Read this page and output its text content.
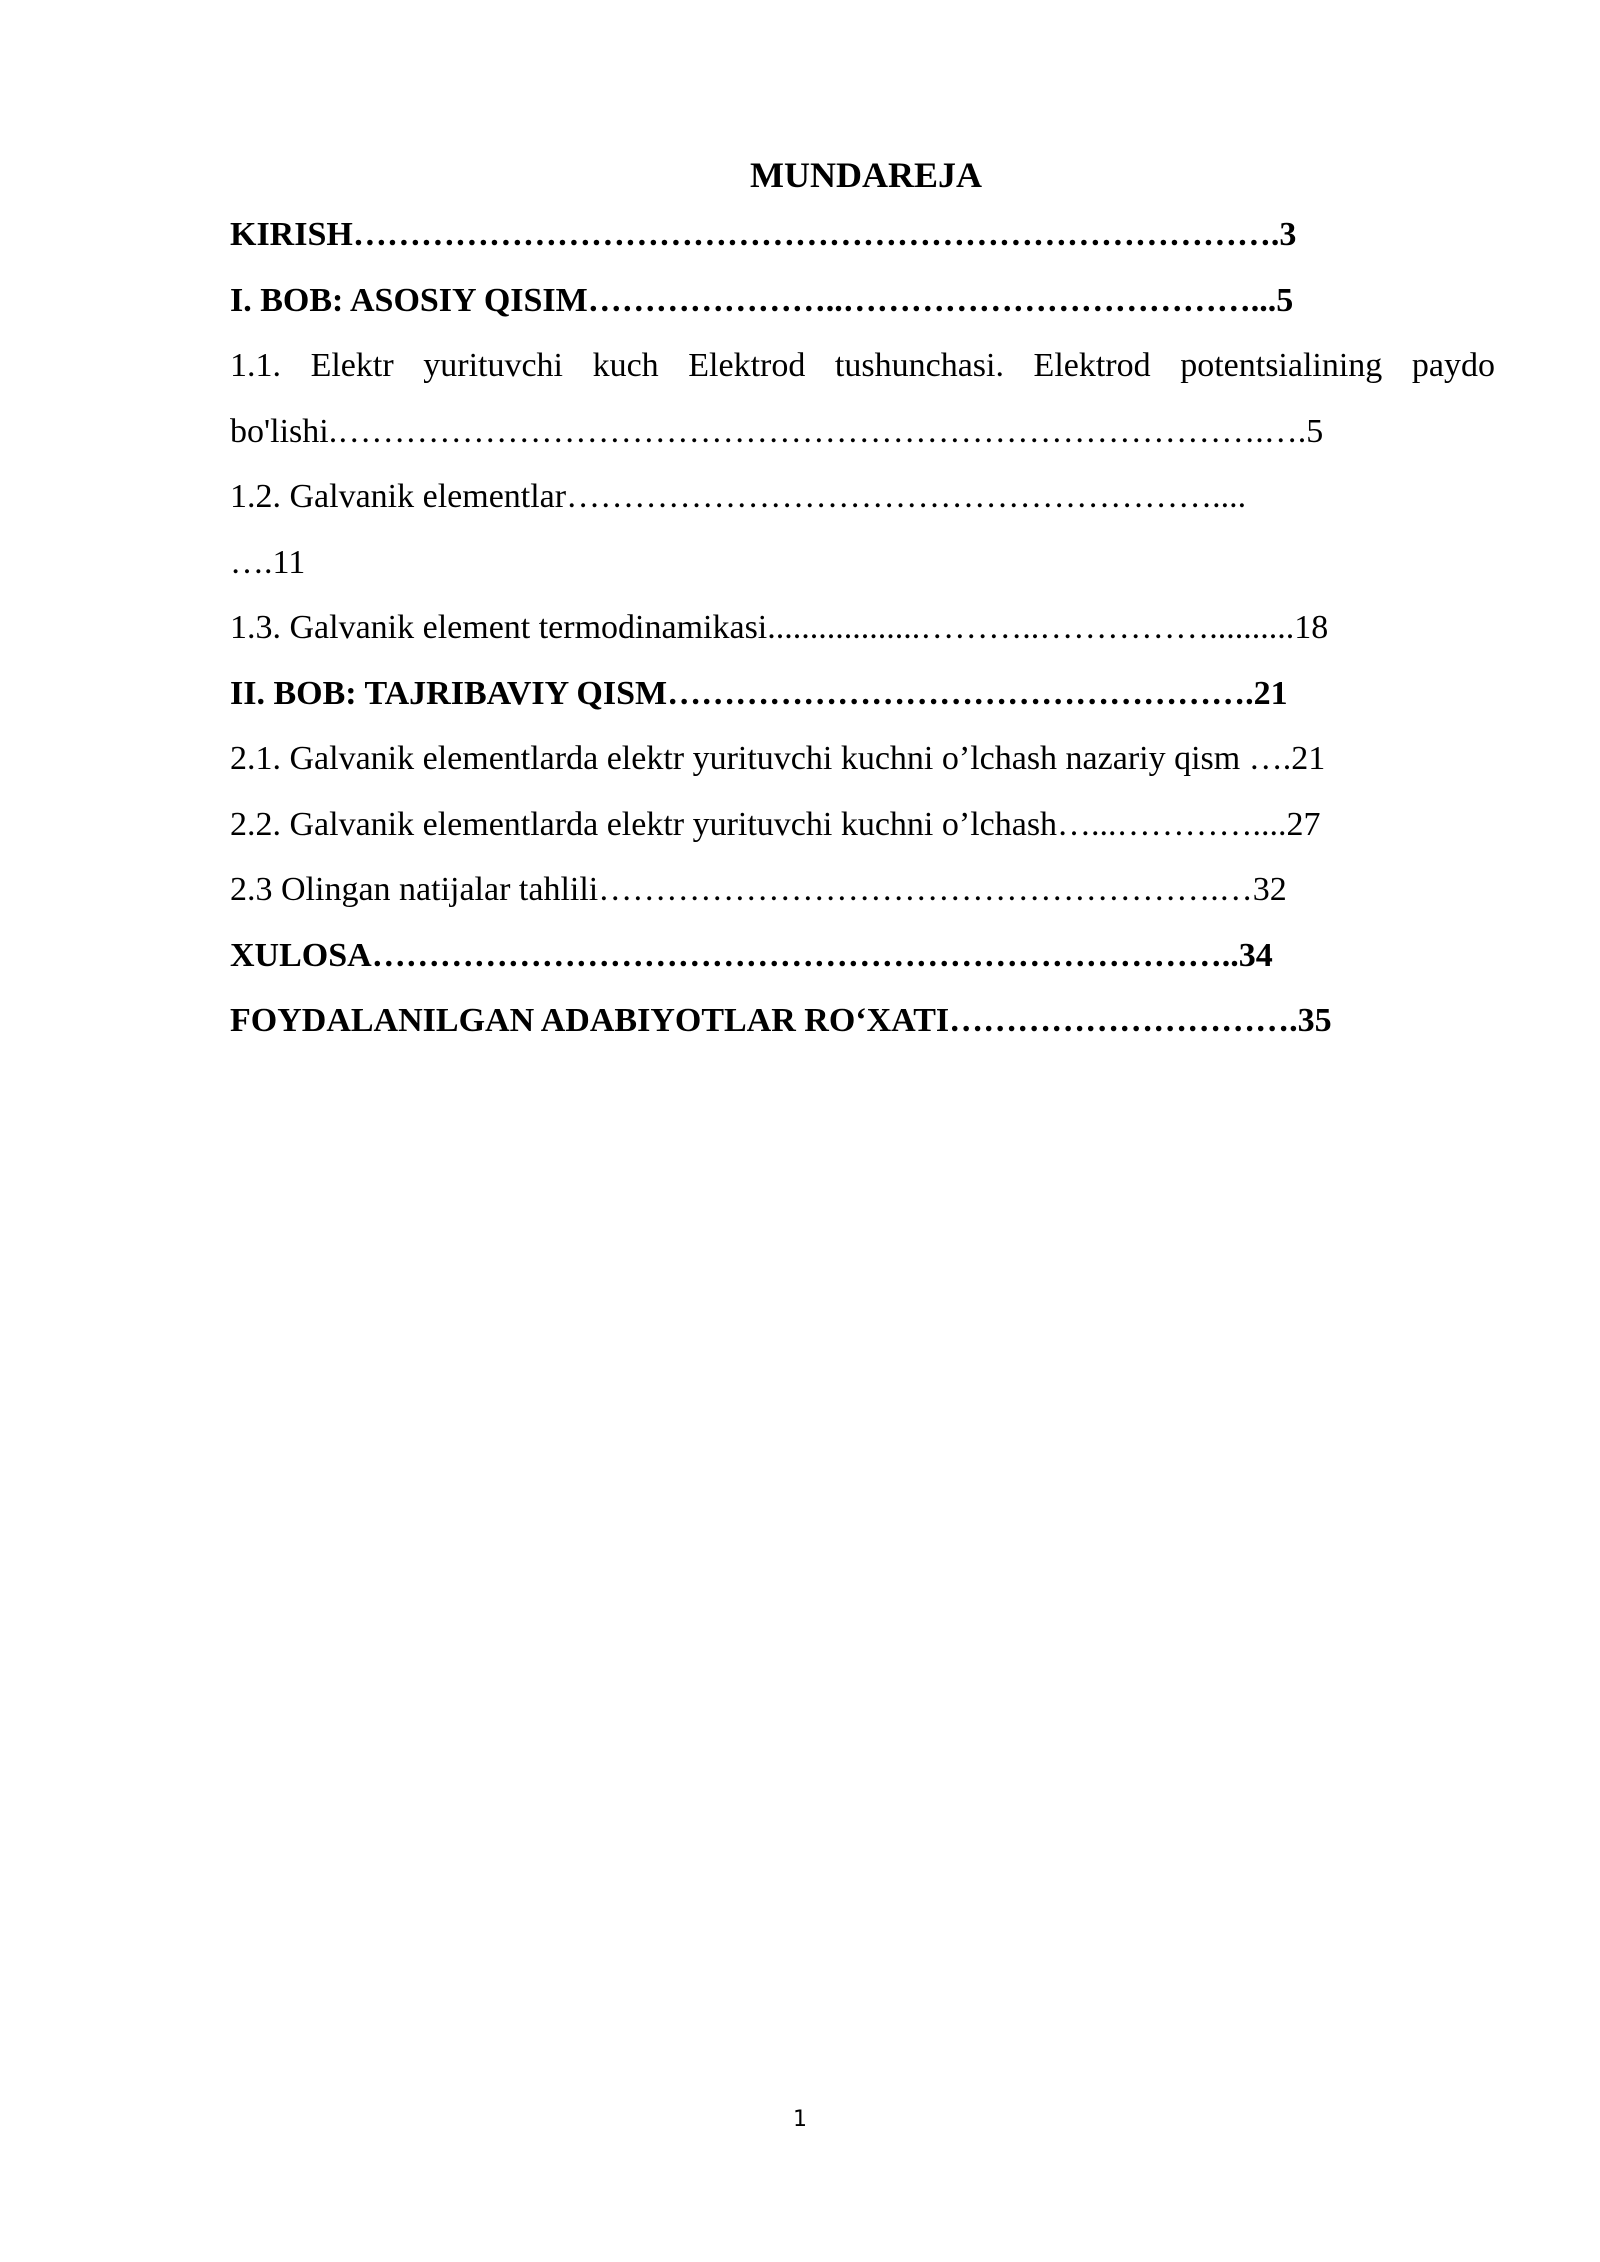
MUNDAREJA
KIRISH……………………………………………………………………….3
I. BOB: ASOSIY QISIM…………………..………………………………...5
1.1. Elektr yurituvchi kuch Elektrod tushunchasi. Elektrod potentsialining paydo
bo'lishi.……………………………………………………………………….….5
1.2. Galvanik elementlar…………………………………………………....
….11
1.3. Galvanik element termodinamikasi..................………..……………..........18
II. BOB: TAJRIBAVIY QISM…………………………………………….21
2.1. Galvanik elementlarda elektr yurituvchi kuchni o’lchash nazariy qism ….21
2.2. Galvanik elementlarda elektr yurituvchi kuchni o’lchash…...…………....27
2.3 Olingan natijalar tahlili……………………………………………….…32
XULOSA…………………………………………………………………..34
FOYDALANILGAN ADABIYOTLAR RO‘XATI………………………….35
1
